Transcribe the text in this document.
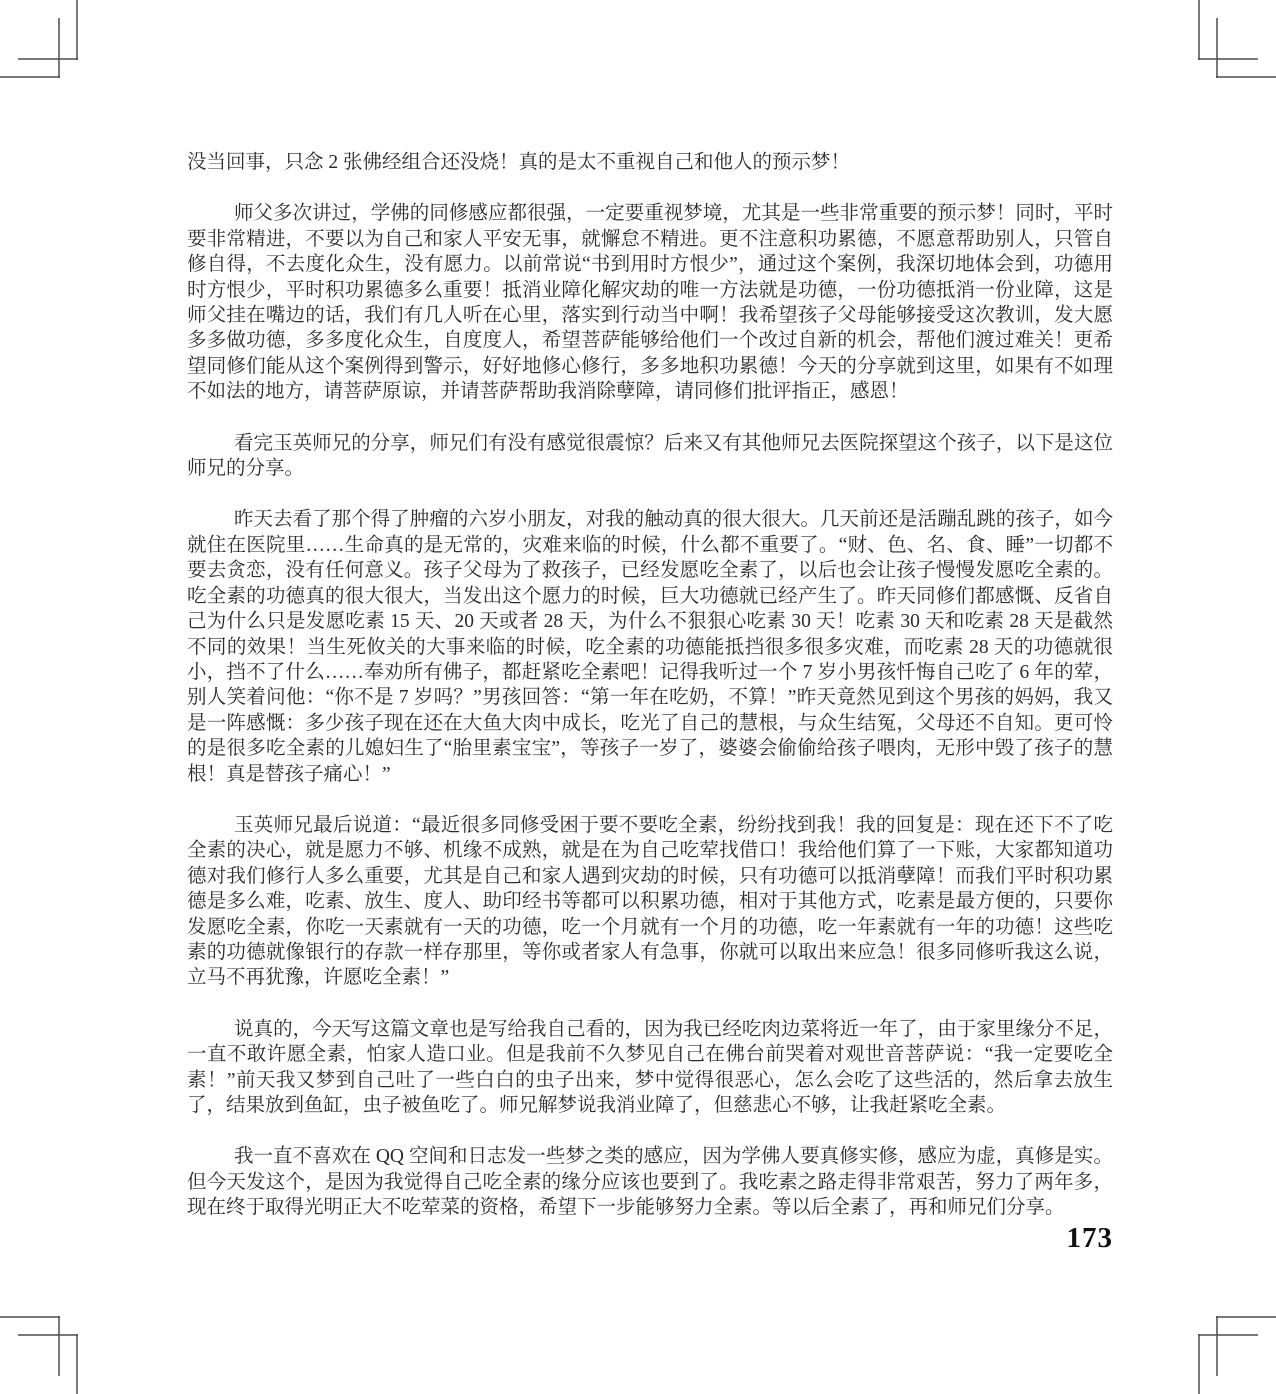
没当回事，只念 2 张佛经组合还没烧！真的是太不重视自己和他人的预示梦！

师父多次讲过，学佛的同修感应都很强，一定要重视梦境，尤其是一些非常重要的预示梦！同时，平时要非常精进，不要以为自己和家人平安无事，就懈怠不精进。更不注意积功累德，不愿意帮助别人，只管自修自得，不去度化众生，没有愿力。以前常说“书到用时方恨少”，通过这个案例，我深切地体会到，功德用时方恨少，平时积功累德多么重要！抵消业障化解灾劫的唯一方法就是功德，一份功德抵消一份业障，这是师父挂在嘴边的话，我们有几人听在心里，落实到行动当中啊！我希望孩子父母能够接受这次教训，发大愿多多做功德，多多度化众生，自度度人，希望菩萨能够给他们一个改过自新的机会，帮他们渡过难关！更希望同修们能从这个案例得到警示，好好地修心修行，多多地积功累德！今天的分享就到这里，如果有不如理不如法的地方，请菩萨原谅，并请菩萨帮助我消除孽障，请同修们批评指正，感恩！

看完玉英师兄的分享，师兄们有没有感觉很震惊？后来又有其他师兄去医院探望这个孩子，以下是这位师兄的分享。

昨天去看了那个得了肿瘤的六岁小朋友，对我的触动真的很大很大。几天前还是活蹦乱跳的孩子，如今就住在医院里……生命真的是无常的，灾难来临的时候，什么都不重要了。“财、色、名、食、睡”一切都不要去贪恋，没有任何意义。孩子父母为了救孩子，已经发愿吃全素了，以后也会让孩子慢慢发愿吃全素的。吃全素的功德真的很大很大，当发出这个愿力的时候，巨大功德就已经产生了。昨天同修们都感慨、反省自己为什么只是发愿吃素 15 天、20 天或者 28 天，为什么不狠狠心吃素 30 天！吃素 30 天和吃素 28 天是截然不同的效果！当生死攸关的大事来临的时候，吃全素的功德能抵挡很多很多灾难，而吃素 28 天的功德就很小，挡不了什么……奉劝所有佛子，都赶紧吃全素吧！记得我听过一个 7 岁小男孩忏悔自己吃了 6 年的荤，别人笑着问他：“你不是 7 岁吗？”男孩回答：“第一年在吃奶，不算！”昨天竟然见到这个男孩的妈妈，我又是一阵感慨：多少孩子现在还在大鱼大肉中成长，吃光了自己的慧根，与众生结冤，父母还不自知。更可怜的是很多吃全素的儿媳妇生了“胎里素宝宝”，等孩子一岁了，婆婆会偷偷给孩子喂肉，无形中毁了孩子的慧根！真是替孩子痛心！”

玉英师兄最后说道：“最近很多同修受困于要不要吃全素，纷纷找到我！我的回复是：现在还下不了吃全素的决心，就是愿力不够、机缘不成熟，就是在为自己吃荤找借口！我给他们算了一下账，大家都知道功德对我们修行人多么重要，尤其是自己和家人遇到灾劫的时候，只有功德可以抵消孽障！而我们平时积功累德是多么难，吃素、放生、度人、助印经书等都可以积累功德，相对于其他方式，吃素是最方便的，只要你发愿吃全素，你吃一天素就有一天的功德，吃一个月就有一个月的功德，吃一年素就有一年的功德！这些吃素的功德就像银行的存款一样存那里，等你或者家人有急事，你就可以取出来应急！很多同修听我这么说，立马不再犹豫，许愿吃全素！”

说真的，今天写这篇文章也是写给我自己看的，因为我已经吃肉边菜将近一年了，由于家里缘分不足，一直不敢许愿全素，怕家人造口业。但是我前不久梦见自己在佛台前哭着对观世音菩萨说：“我一定要吃全素！”前天我又梦到自己吐了一些白白的虫子出来，梦中觉得很恶心，怎么会吃了这些活的，然后拿去放生了，结果放到鱼缸，虫子被鱼吃了。师兄解梦说我消业障了，但慈悲心不够，让我赶紧吃全素。

我一直不喜欢在 QQ 空间和日志发一些梦之类的感应，因为学佛人要真修实修，感应为虚，真修是实。但今天发这个，是因为我觉得自己吃全素的缘分应该也要到了。我吃素之路走得非常艰苦，努力了两年多，现在终于取得光明正大不吃荤菜的资格，希望下一步能够努力全素。等以后全素了，再和师兄们分享。

173
